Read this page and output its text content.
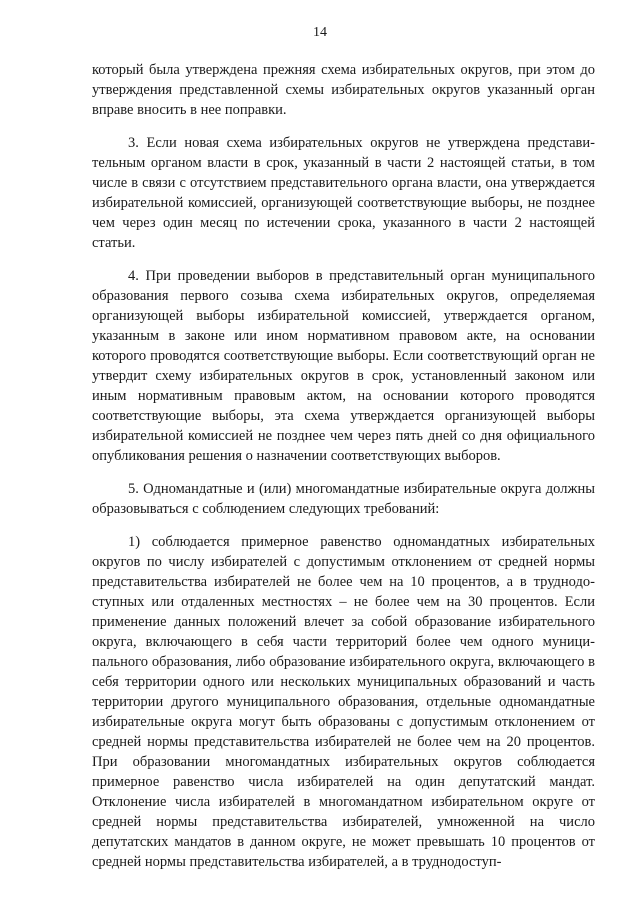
14

который была утверждена прежняя схема избирательных округов, при этом до утверждения представленной схемы избирательных округов указанный орган вправе вносить в нее поправки.

3. Если новая схема избирательных округов не утверждена представительным органом власти в срок, указанный в части 2 настоящей статьи, в том числе в связи с отсутствием представительного органа власти, она утверждается избирательной комиссией, организующей соответствующие выборы, не позднее чем через один месяц по истечении срока, указанного в части 2 настоящей статьи.

4. При проведении выборов в представительный орган муниципального образования первого созыва схема избирательных округов, определяемая организующей выборы избирательной комиссией, утверждается органом, указанным в законе или ином нормативном правовом акте, на основании которого проводятся соответствующие выборы. Если соответствующий орган не утвердит схему избирательных округов в срок, установленный законом или иным нормативным правовым актом, на основании которого проводятся соответствующие выборы, эта схема утверждается организующей выборы избирательной комиссией не позднее чем через пять дней со дня официального опубликования решения о назначении соответствующих выборов.

5. Одномандатные и (или) многомандатные избирательные округа должны образовываться с соблюдением следующих требований:

1) соблюдается примерное равенство одномандатных избирательных округов по числу избирателей с допустимым отклонением от средней нормы представительства избирателей не более чем на 10 процентов, а в труднодоступных или отдаленных местностях – не более чем на 30 процентов. Если применение данных положений влечет за собой образование избирательного округа, включающего в себя части территорий более чем одного муниципального образования, либо образование избирательного округа, включающего в себя территории одного или нескольких муниципальных образований и часть территории другого муниципального образования, отдельные одномандатные избирательные округа могут быть образованы с допустимым отклонением от средней нормы представительства избирателей не более чем на 20 процентов. При образовании многомандатных избирательных округов соблюдается примерное равенство числа избирателей на один депутатский мандат. Отклонение числа избирателей в многомандатном избирательном округе от средней нормы представительства избирателей, умноженной на число депутатских мандатов в данном округе, не может превышать 10 процентов от средней нормы представительства избирателей, а в труднодоступ-
